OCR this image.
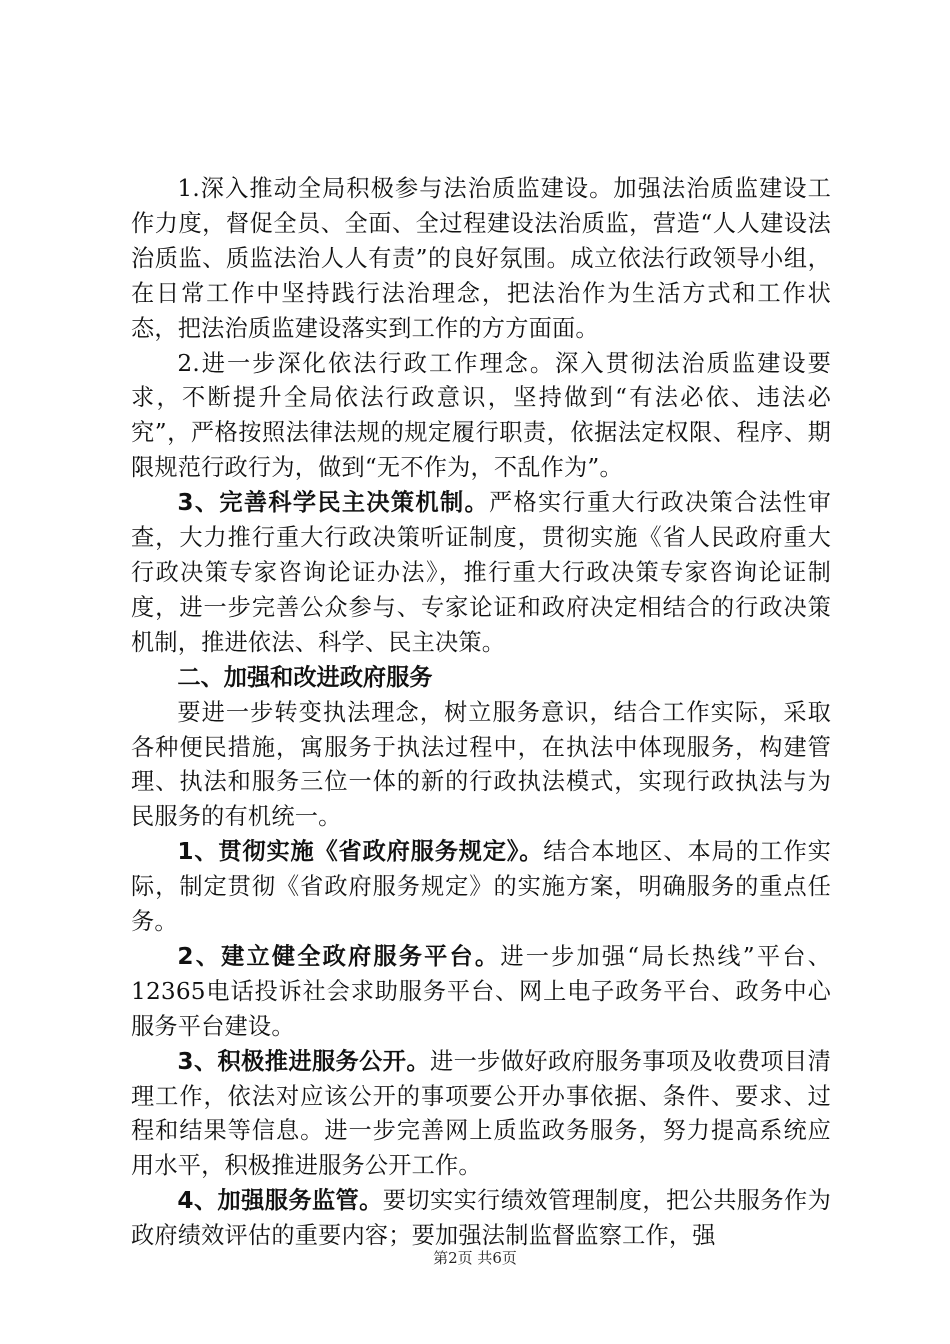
1.深入推动全局积极参与法治质监建设。加强法治质监建设工作力度，督促全员、全面、全过程建设法治质监，营造“人人建设法治质监、质监法治人人有责”的良好氛围。成立依法行政领导小组，在日常工作中坚持践行法治理念，把法治作为生活方式和工作状态，把法治质监建设落实到工作的方方面面。

2.进一步深化依法行政工作理念。深入贯彻法治质监建设要求，不断提升全局依法行政意识，坚持做到“有法必依、违法必究”，严格按照法律法规的规定履行职责，依据法定权限、程序、期限规范行政行为，做到“无不作为，不乱作为”。

3、完善科学民主决策机制。严格实行重大行政决策合法性审查，大力推行重大行政决策听证制度，贯彻实施《省人民政府重大行政决策专家咨询论证办法》，推行重大行政决策专家咨询论证制度，进一步完善公众参与、专家论证和政府决定相结合的行政决策机制，推进依法、科学、民主决策。

二、加强和改进政府服务

要进一步转变执法理念，树立服务意识，结合工作实际，采取各种便民措施，寓服务于执法过程中，在执法中体现服务，构建管理、执法和服务三位一体的新的行政执法模式，实现行政执法与为民服务的有机统一。

1、贯彻实施《省政府服务规定》。结合本地区、本局的工作实际，制定贯彻《省政府服务规定》的实施方案，明确服务的重点任务。

2、建立健全政府服务平台。进一步加强“局长热线”平台、12365电话投诉社会求助服务平台、网上电子政务平台、政务中心服务平台建设。

3、积极推进服务公开。进一步做好政府服务事项及收费项目清理工作，依法对应该公开的事项要公开办事依据、条件、要求、过程和结果等信息。进一步完善网上质监政务服务，努力提高系统应用水平，积极推进服务公开工作。

4、加强服务监管。要切实实行绩效管理制度，把公共服务作为政府绩效评估的重要内容；要加强法制监督监察工作，强

第2页 共6页
